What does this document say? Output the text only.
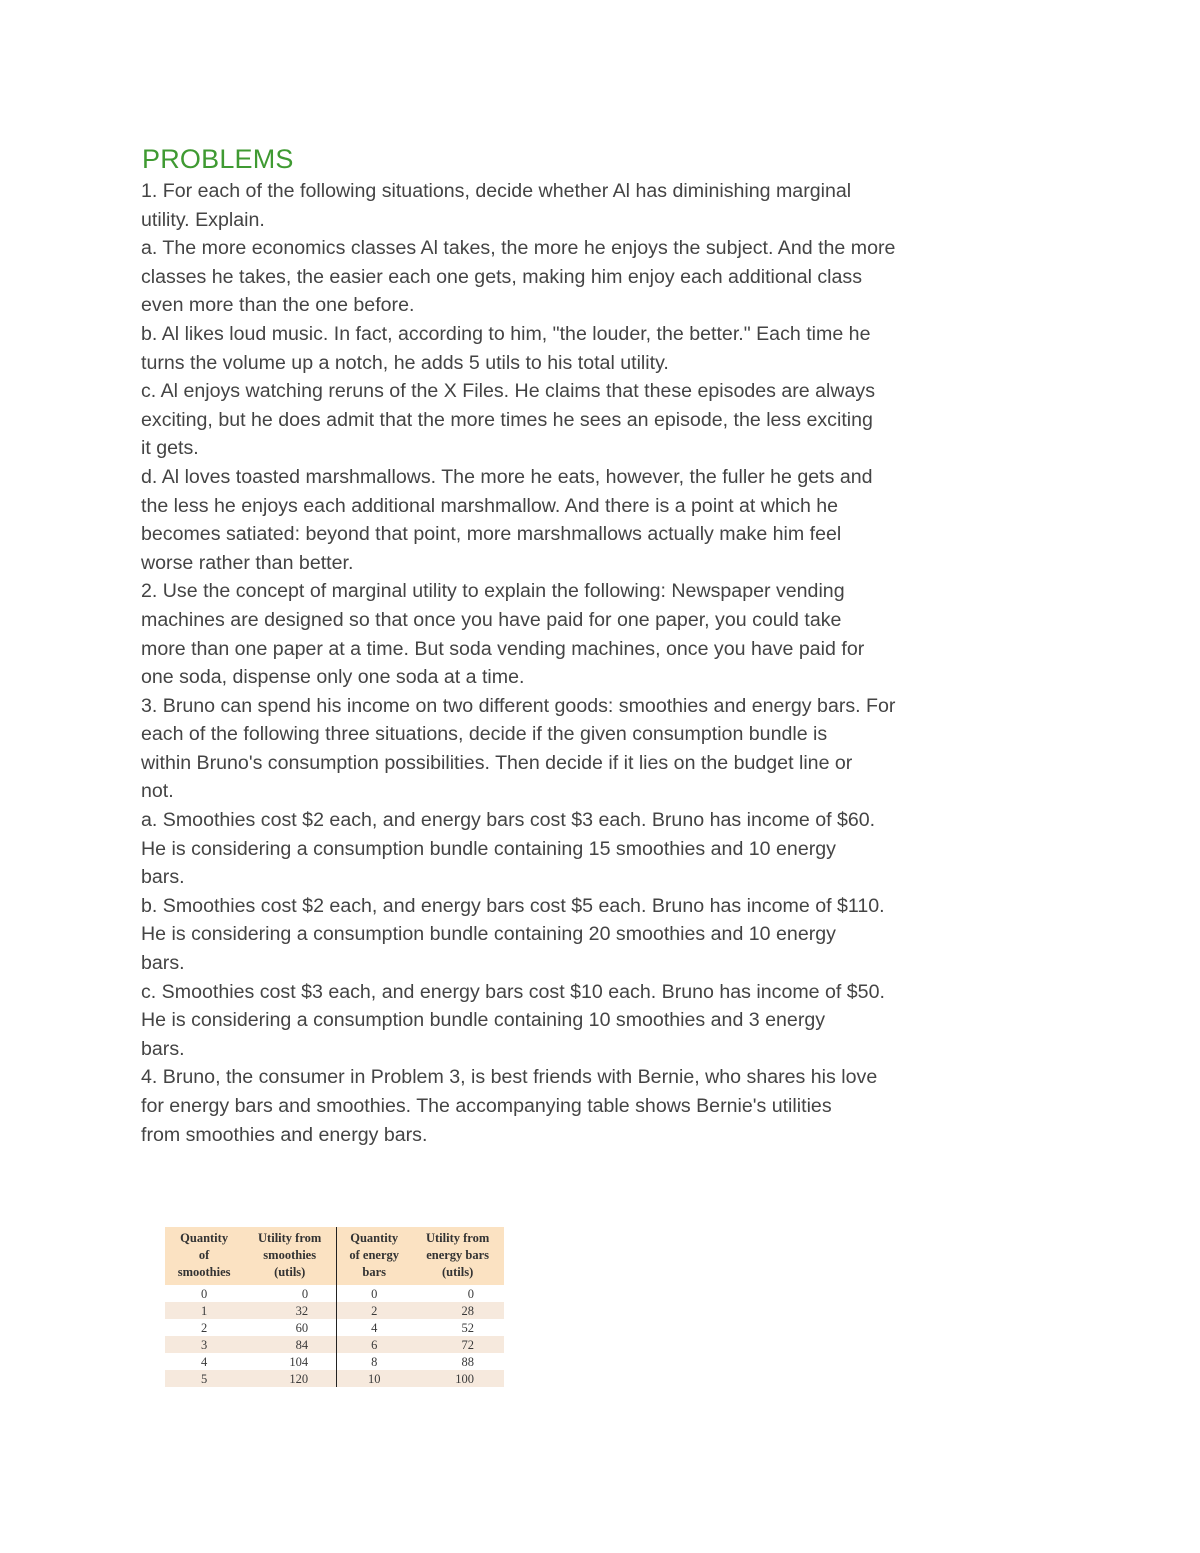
PROBLEMS

1. For each of the following situations, decide whether Al has diminishing marginal

utility. Explain.

a. The more economics classes Al takes, the more he enjoys the subject. And the more

classes he takes, the easier each one gets, making him enjoy each additional class

even more than the one before.

b. Al likes loud music. In fact, according to him, "the louder, the better." Each time he

turns the volume up a notch, he adds 5 utils to his total utility.

c. Al enjoys watching reruns of the X Files. He claims that these episodes are always

exciting, but he does admit that the more times he sees an episode, the less exciting

it gets.

d. Al loves toasted marshmallows. The more he eats, however, the fuller he gets and

the less he enjoys each additional marshmallow. And there is a point at which he

becomes satiated: beyond that point, more marshmallows actually make him feel

worse rather than better.

2. Use the concept of marginal utility to explain the following: Newspaper vending

machines are designed so that once you have paid for one paper, you could take

more than one paper at a time. But soda vending machines, once you have paid for

one soda, dispense only one soda at a time.

3. Bruno can spend his income on two different goods: smoothies and energy bars. For

each of the following three situations, decide if the given consumption bundle is

within Bruno's consumption possibilities. Then decide if it lies on the budget line or

not.

a. Smoothies cost $2 each, and energy bars cost $3 each. Bruno has income of $60.

He is considering a consumption bundle containing 15 smoothies and 10 energy

bars.

b. Smoothies cost $2 each, and energy bars cost $5 each. Bruno has income of $110.

He is considering a consumption bundle containing 20 smoothies and 10 energy

bars.

c. Smoothies cost $3 each, and energy bars cost $10 each. Bruno has income of $50.

He is considering a consumption bundle containing 10 smoothies and 3 energy

bars.

4. Bruno, the consumer in Problem 3, is best friends with Bernie, who shares his love

for energy bars and smoothies. The accompanying table shows Bernie's utilities

from smoothies and energy bars.

Quantity
of
smoothies	Utility from
smoothies
(utils)	Quantity
of energy
bars	Utility from
energy bars
(utils)
0	0	0	0
1	32	2	28
2	60	4	52
3	84	6	72
4	104	8	88
5	120	10	100
